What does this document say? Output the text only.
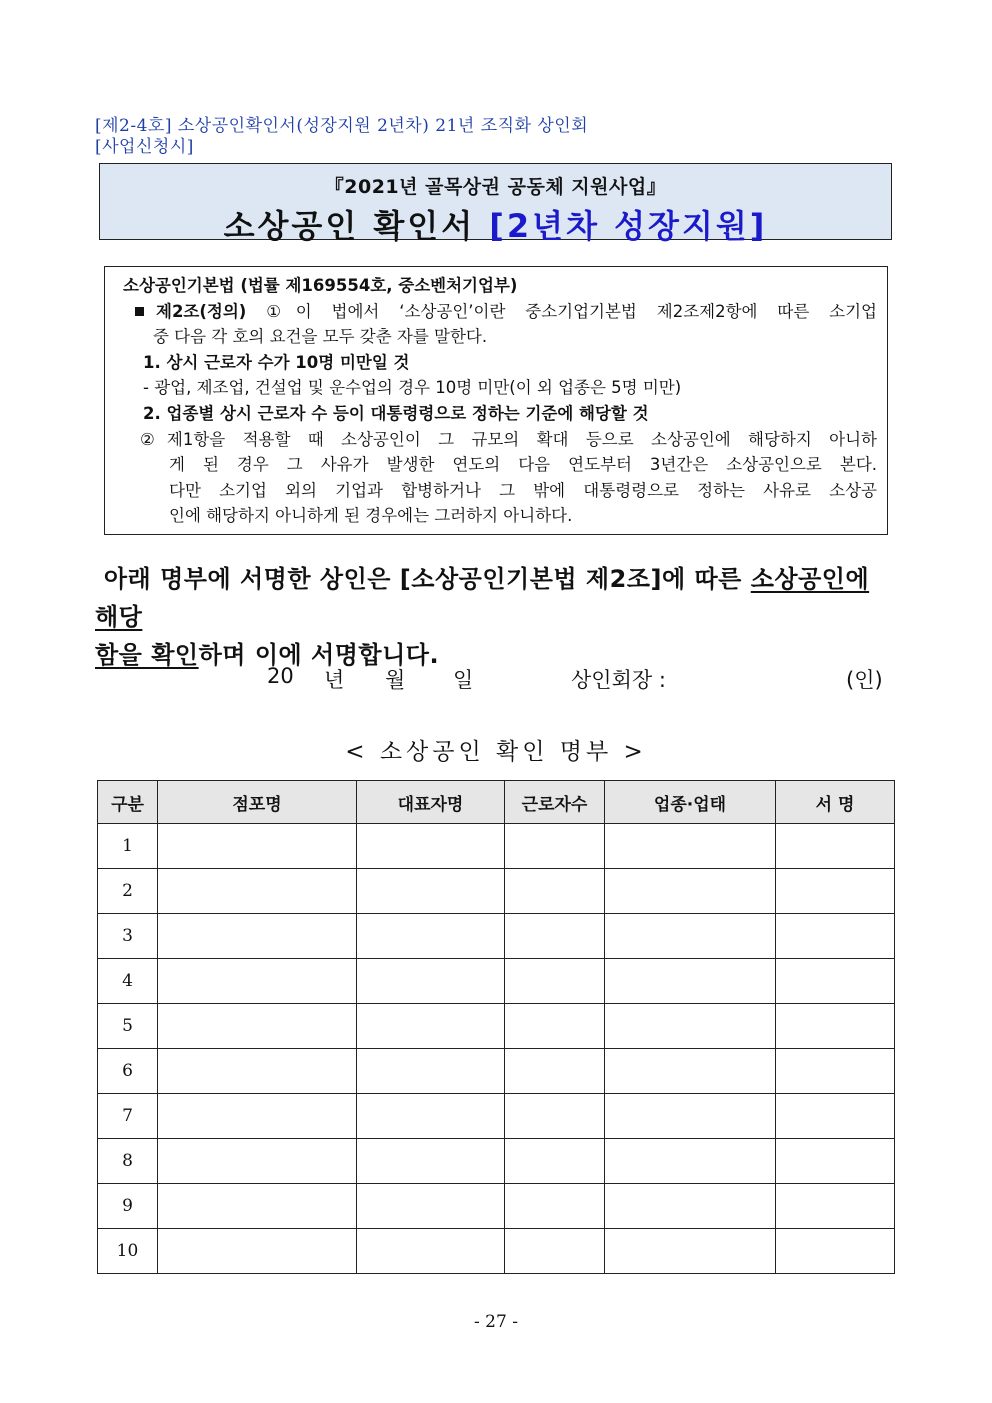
[제2-4호] 소상공인확인서(성장지원 2년차) 21년 조직화 상인회
[사업신청시]
『2021년 골목상권 공동체 지원사업』
소상공인 확인서 [2년차 성장지원]
소상공인기본법 (법률 제169554호, 중소벤처기업부)
제2조(정의) ①이 법에서 ‘소상공인’이란 중소기업기본법 제2조제2항에 따른 소기업
중 다음 각 호의 요건을 모두 갖춘 자를 말한다.
1. 상시 근로자 수가 10명 미만일 것
- 광업, 제조업, 건설업 및 운수업의 경우 10명 미만(이 외 업종은 5명 미만)
2. 업종별 상시 근로자 수 등이 대통령령으로 정하는 기준에 해당할 것
②제1항을 적용할 때 소상공인이 그 규모의 확대 등으로 소상공인에 해당하지 아니하
게 된 경우 그 사유가 발생한 연도의 다음 연도부터 3년간은 소상공인으로 본다.
다만 소기업 외의 기업과 합병하거나 그 밖에 대통령령으로 정하는 사유로 소상공
인에 해당하지 아니하게 된 경우에는 그러하지 아니하다.
아래 명부에 서명한 상인은 [소상공인기본법 제2조]에 따른 소상공인에 해당
함을 확인하며 이에 서명합니다.
20 년 월 일	상인회장 :	(인)
< 소상공인 확인 명부 >
구분	점포명	대표자명	근로자수	업종·업태	서 명
1					
2					
3					
4					
5					
6					
7					
8					
9					
10					
- 27 -
